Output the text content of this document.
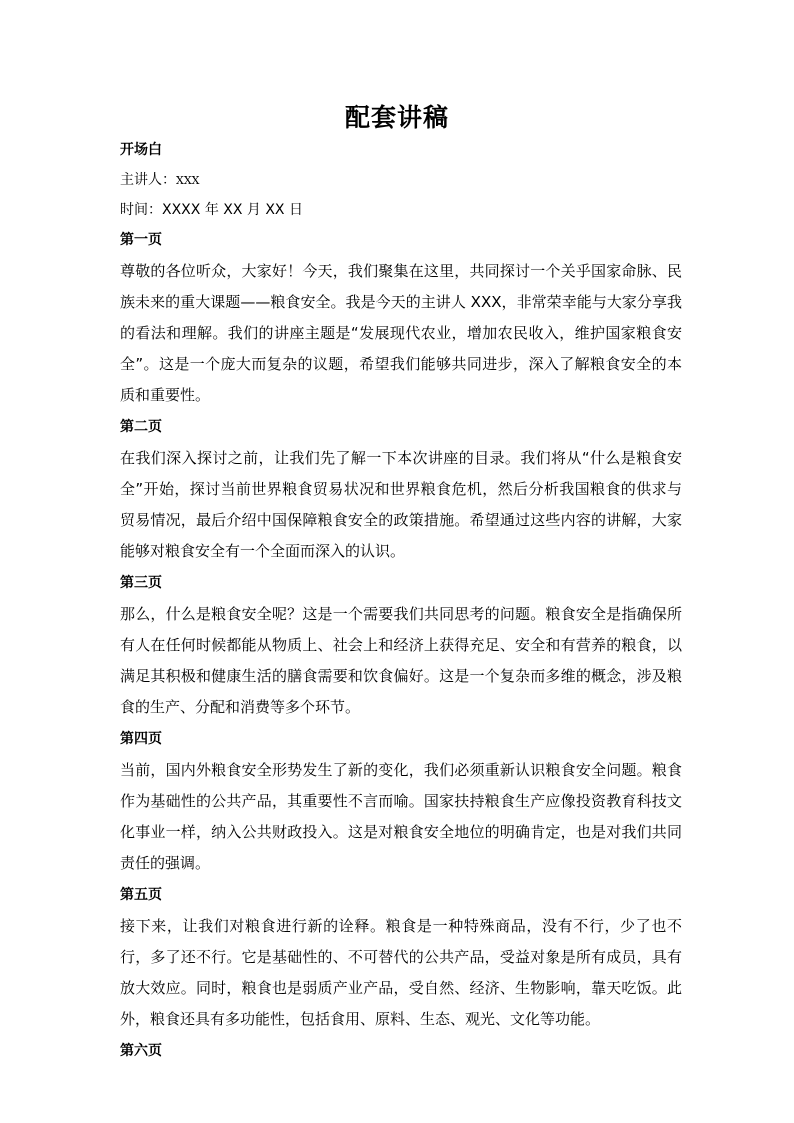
配套讲稿
开场白
主讲人：XXX
时间：XXXX 年 XX 月 XX 日
第一页

尊敬的各位听众，大家好！今天，我们聚集在这里，共同探讨一个关乎国家命脉、民族未来的重大课题——粮食安全。我是今天的主讲人 XXX，非常荣幸能与大家分享我的看法和理解。我们的讲座主题是“发展现代农业，增加农民收入，维护国家粮食安全”。这是一个庞大而复杂的议题，希望我们能够共同进步，深入了解粮食安全的本质和重要性。

第二页

在我们深入探讨之前，让我们先了解一下本次讲座的目录。我们将从“什么是粮食安全”开始，探讨当前世界粮食贸易状况和世界粮食危机，然后分析我国粮食的供求与贸易情况，最后介绍中国保障粮食安全的政策措施。希望通过这些内容的讲解，大家能够对粮食安全有一个全面而深入的认识。

第三页

那么，什么是粮食安全呢？这是一个需要我们共同思考的问题。粮食安全是指确保所有人在任何时候都能从物质上、社会上和经济上获得充足、安全和有营养的粮食，以满足其积极和健康生活的膳食需要和饮食偏好。这是一个复杂而多维的概念，涉及粮食的生产、分配和消费等多个环节。

第四页

当前，国内外粮食安全形势发生了新的变化，我们必须重新认识粮食安全问题。粮食作为基础性的公共产品，其重要性不言而喻。国家扶持粮食生产应像投资教育科技文化事业一样，纳入公共财政投入。这是对粮食安全地位的明确肯定，也是对我们共同责任的强调。

第五页

接下来，让我们对粮食进行新的诠释。粮食是一种特殊商品，没有不行，少了也不行，多了还不行。它是基础性的、不可替代的公共产品，受益对象是所有成员，具有放大效应。同时，粮食也是弱质产业产品，受自然、经济、生物影响，靠天吃饭。此外，粮食还具有多功能性，包括食用、原料、生态、观光、文化等功能。

第六页
